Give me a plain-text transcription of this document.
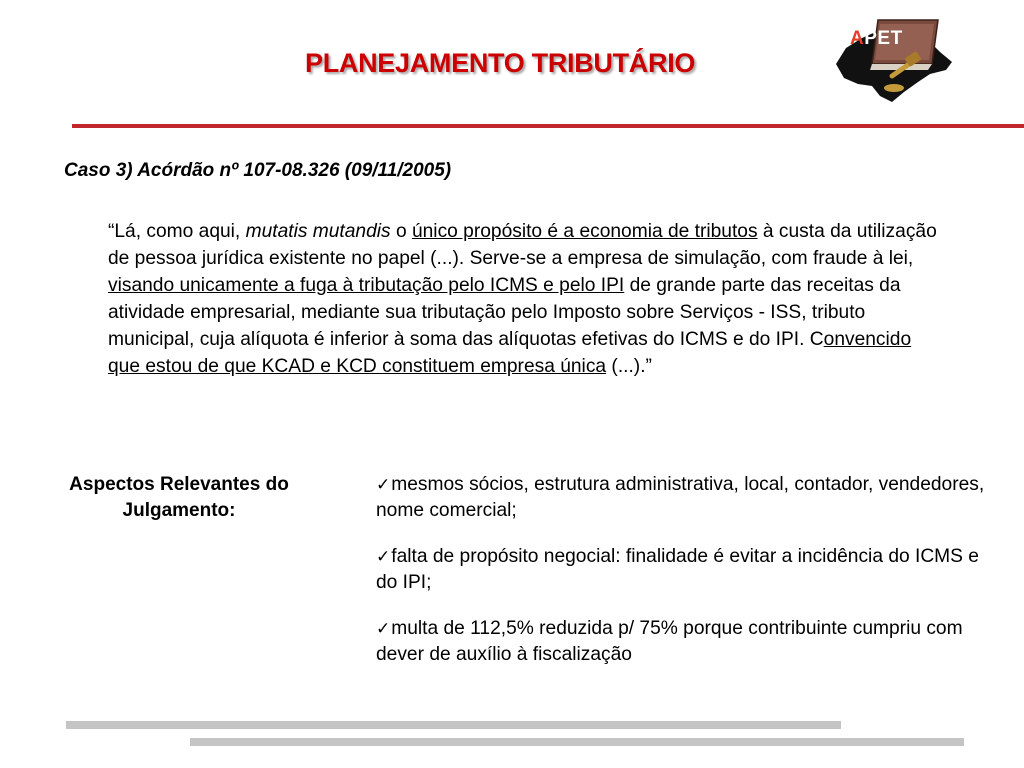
PLANEJAMENTO TRIBUTÁRIO
APET
Caso 3) Acórdão nº 107-08.326 (09/11/2005)

“Lá, como aqui, mutatis mutandis o único propósito é a economia de tributos à custa da utilização de pessoa jurídica existente no papel (...). Serve-se a empresa de simulação, com fraude à lei, visando unicamente a fuga à tributação pelo ICMS e pelo IPI de grande parte das receitas da atividade empresarial, mediante sua tributação pelo Imposto sobre Serviços - ISS, tributo municipal, cuja alíquota é inferior à soma das alíquotas efetivas do ICMS e do IPI. Convencido que estou de que KCAD e KCD constituem empresa única (...).”

Aspectos Relevantes do Julgamento:

✓mesmos sócios, estrutura administrativa, local, contador, vendedores, nome comercial;
✓falta de propósito negocial: finalidade é evitar a incidência do ICMS e do IPI;
✓multa de 112,5% reduzida p/ 75% porque contribuinte cumpriu com dever de auxílio à fiscalização
